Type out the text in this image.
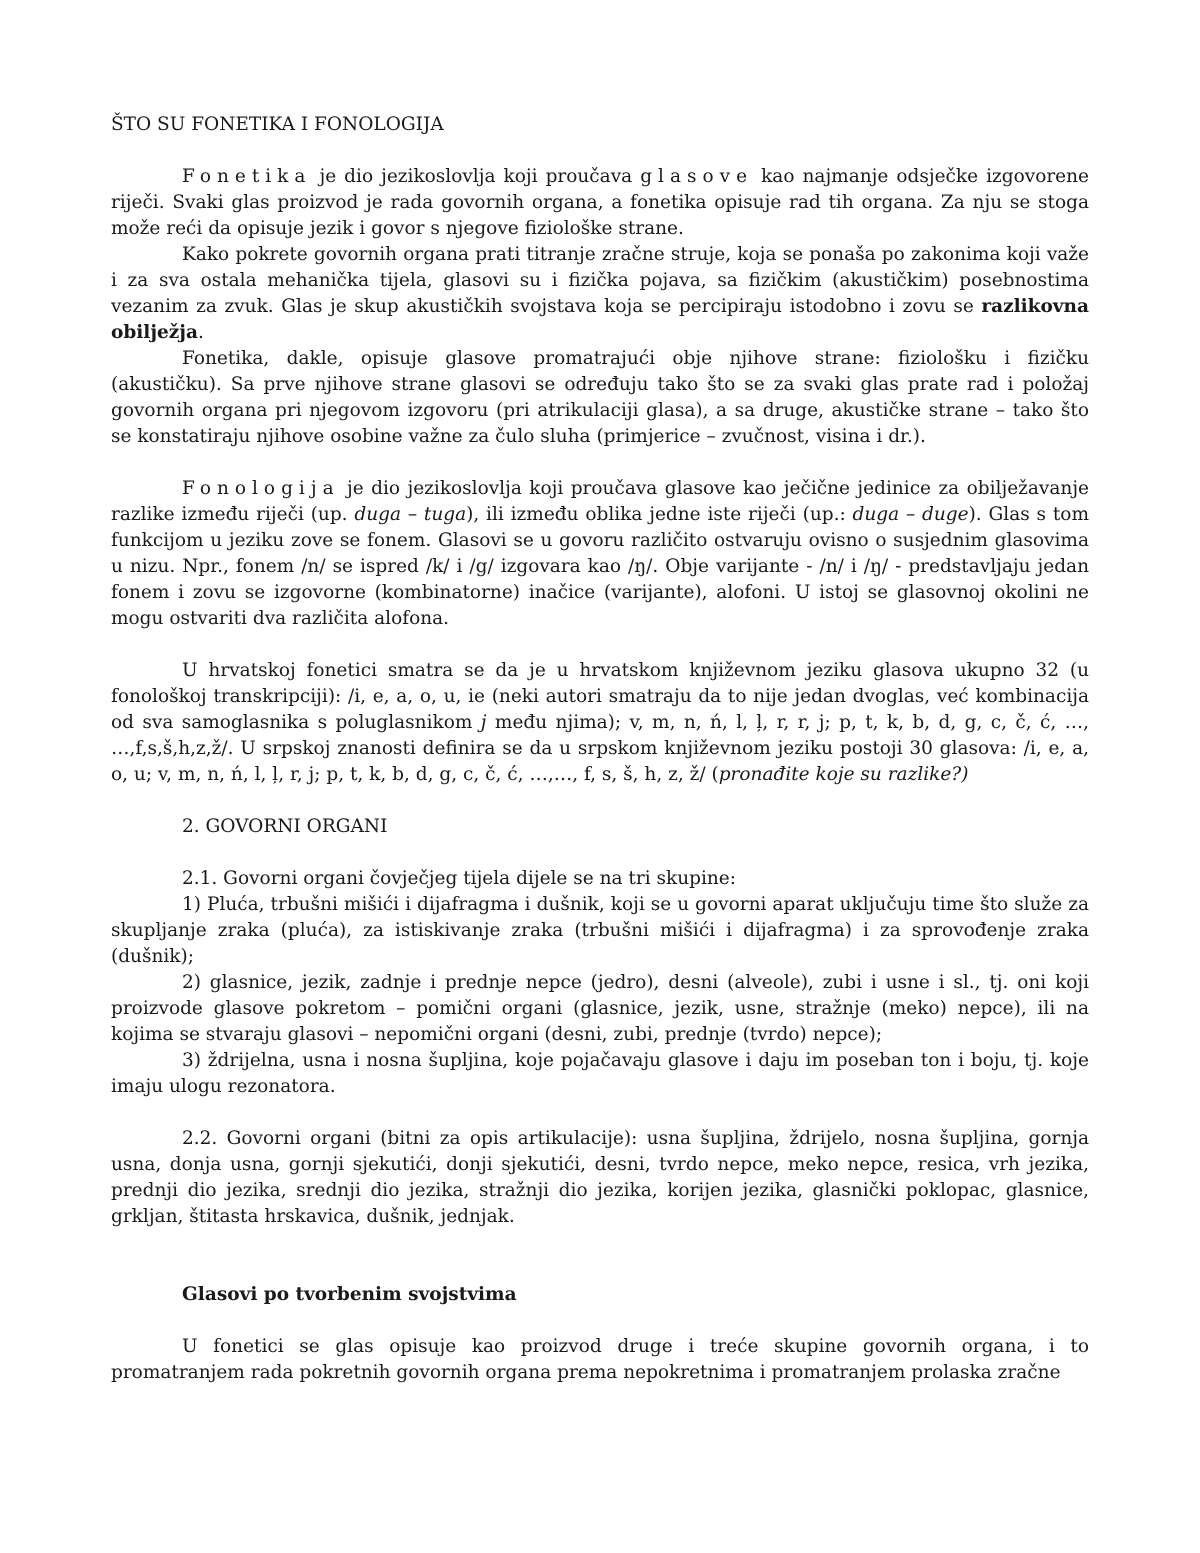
ŠTO SU FONETIKA I FONOLOGIJA

Fonetika je dio jezikoslovlja koji proučava glasove kao najmanje odsječke izgovorene riječi. Svaki glas proizvod je rada govornih organa, a fonetika opisuje rad tih organa. Za nju se stoga može reći da opisuje jezik i govor s njegove fiziološke strane.

Kako pokrete govornih organa prati titranje zračne struje, koja se ponaša po zakonima koji važe i za sva ostala mehanička tijela, glasovi su i fizička pojava, sa fizičkim (akustičkim) posebnostima vezanim za zvuk. Glas je skup akustičkih svojstava koja se percipiraju istodobno i zovu se razlikovna obilježja.

Fonetika, dakle, opisuje glasove promatrajući obje njihove strane: fiziološku i fizičku (akustičku). Sa prve njihove strane glasovi se određuju tako što se za svaki glas prate rad i položaj govornih organa pri njegovom izgovoru (pri atrikulaciji glasa), a sa druge, akustičke strane – tako što se konstatiraju njihove osobine važne za čulo sluha (primjerice – zvučnost, visina i dr.).

Fonologija je dio jezikoslovlja koji proučava glasove kao ječične jedinice za obilježavanje razlike između riječi (up. duga – tuga), ili između oblika jedne iste riječi (up.: duga – duge). Glas s tom funkcijom u jeziku zove se fonem. Glasovi se u govoru različito ostvaruju ovisno o susjednim glasovima u nizu. Npr., fonem /n/ se ispred /k/ i /g/ izgovara kao /ŋ/. Obje varijante - /n/ i /ŋ/ - predstavljaju jedan fonem i zovu se izgovorne (kombinatorne) inačice (varijante), alofoni. U istoj se glasovnoj okolini ne mogu ostvariti dva različita alofona.

U hrvatskoj fonetici smatra se da je u hrvatskom književnom jeziku glasova ukupno 32 (u fonološkoj transkripciji): /i, e, a, o, u, ie (neki autori smatraju da to nije jedan dvoglas, već kombinacija od sva samoglasnika s poluglasnikom j među njima); v, m, n, ń, l, ļ, r, r, j; p, t, k, b, d, g, c, č, ć, …, …,f,s,š,h,z,ž/. U srpskoj znanosti definira se da u srpskom književnom jeziku postoji 30 glasova: /i, e, a, o, u; v, m, n, ń, l, ļ, r, j; p, t, k, b, d, g, c, č, ć, …,…, f, s, š, h, z, ž/ (pronađite koje su razlike?)

2. GOVORNI ORGANI

2.1. Govorni organi čovječjeg tijela dijele se na tri skupine:

1) Pluća, trbušni mišići i dijafragma i dušnik, koji se u govorni aparat uključuju time što služe za skupljanje zraka (pluća), za istiskivanje zraka (trbušni mišići i dijafragma) i za sprovođenje zraka (dušnik);

2) glasnice, jezik, zadnje i prednje nepce (jedro), desni (alveole), zubi i usne i sl., tj. oni koji proizvode glasove pokretom – pomični organi (glasnice, jezik, usne, stražnje (meko) nepce), ili na kojima se stvaraju glasovi – nepomični organi (desni, zubi, prednje (tvrdo) nepce);

3) ždrijelna, usna i nosna šupljina, koje pojačavaju glasove i daju im poseban ton i boju, tj. koje imaju ulogu rezonatora.

2.2. Govorni organi (bitni za opis artikulacije): usna šupljina, ždrijelo, nosna šupljina, gornja usna, donja usna, gornji sjekutići, donji sjekutići, desni, tvrdo nepce, meko nepce, resica, vrh jezika, prednji dio jezika, srednji dio jezika, stražnji dio jezika, korijen jezika, glasnički poklopac, glasnice, grkljan, štitasta hrskavica, dušnik, jednjak.

Glasovi po tvorbenim svojstvima

U fonetici se glas opisuje kao proizvod druge i treće skupine govornih organa, i to promatranjem rada pokretnih govornih organa prema nepokretnima i promatranjem prolaska zračne
